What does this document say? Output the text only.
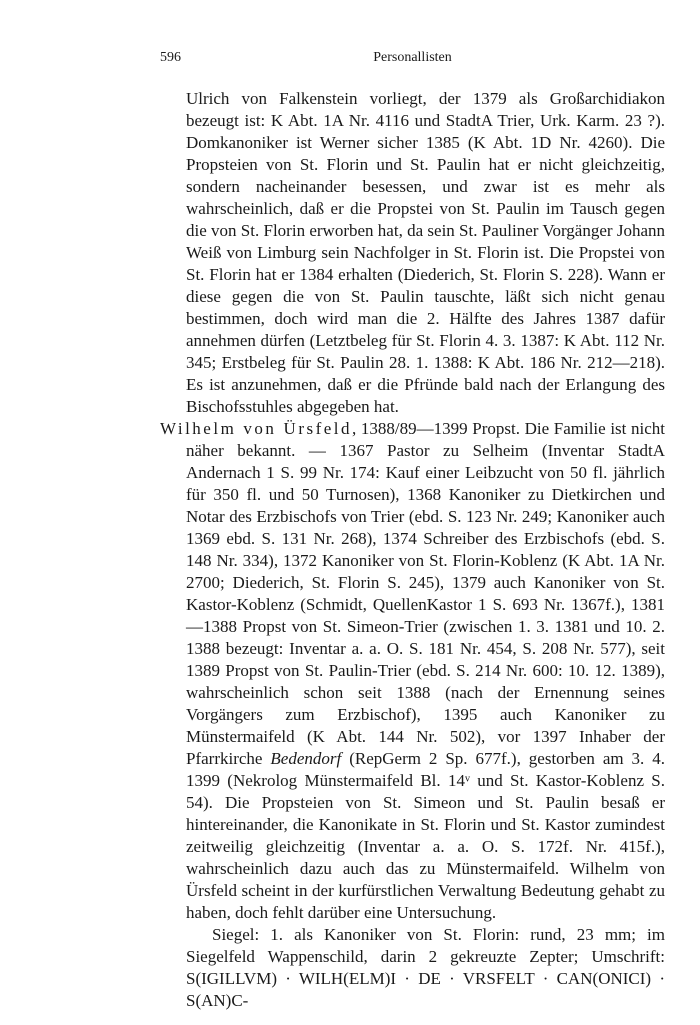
596	Personallisten

Ulrich von Falkenstein vorliegt, der 1379 als Großarchidiakon bezeugt ist: K Abt. 1A Nr. 4116 und StadtA Trier, Urk. Karm. 23 ?). Domkanoniker ist Werner sicher 1385 (K Abt. 1D Nr. 4260). Die Propsteien von St. Florin und St. Paulin hat er nicht gleichzeitig, sondern nacheinander besessen, und zwar ist es mehr als wahrscheinlich, daß er die Propstei von St. Paulin im Tausch gegen die von St. Florin erworben hat, da sein St. Pauliner Vorgänger Johann Weiß von Limburg sein Nachfolger in St. Florin ist. Die Propstei von St. Florin hat er 1384 erhalten (Diederich, St. Florin S. 228). Wann er diese gegen die von St. Paulin tauschte, läßt sich nicht genau bestimmen, doch wird man die 2. Hälfte des Jahres 1387 dafür annehmen dürfen (Letztbeleg für St. Florin 4. 3. 1387: K Abt. 112 Nr. 345; Erstbeleg für St. Paulin 28. 1. 1388: K Abt. 186 Nr. 212—218). Es ist anzunehmen, daß er die Pfründe bald nach der Erlangung des Bischofsstuhles abgegeben hat.

Wilhelm von Ürsfeld, 1388/89—1399 Propst. Die Familie ist nicht näher bekannt. — 1367 Pastor zu Selheim (Inventar StadtA Andernach 1 S. 99 Nr. 174: Kauf einer Leibzucht von 50 fl. jährlich für 350 fl. und 50 Turnosen), 1368 Kanoniker zu Dietkirchen und Notar des Erzbischofs von Trier (ebd. S. 123 Nr. 249; Kanoniker auch 1369 ebd. S. 131 Nr. 268), 1374 Schreiber des Erzbischofs (ebd. S. 148 Nr. 334), 1372 Kanoniker von St. Florin-Koblenz (K Abt. 1A Nr. 2700; Diederich, St. Florin S. 245), 1379 auch Kanoniker von St. Kastor-Koblenz (Schmidt, QuellenKastor 1 S. 693 Nr. 1367f.), 1381—1388 Propst von St. Simeon-Trier (zwischen 1. 3. 1381 und 10. 2. 1388 bezeugt: Inventar a. a. O. S. 181 Nr. 454, S. 208 Nr. 577), seit 1389 Propst von St. Paulin-Trier (ebd. S. 214 Nr. 600: 10. 12. 1389), wahrscheinlich schon seit 1388 (nach der Ernennung seines Vorgängers zum Erzbischof), 1395 auch Kanoniker zu Münstermaifeld (K Abt. 144 Nr. 502), vor 1397 Inhaber der Pfarrkirche Bedendorf (RepGerm 2 Sp. 677f.), gestorben am 3. 4. 1399 (Nekrolog Münstermaifeld Bl. 14ᵛ und St. Kastor-Koblenz S. 54). Die Propsteien von St. Simeon und St. Paulin besaß er hintereinander, die Kanonikate in St. Florin und St. Kastor zumindest zeitweilig gleichzeitig (Inventar a. a. O. S. 172f. Nr. 415f.), wahrscheinlich dazu auch das zu Münstermaifeld. Wilhelm von Ürsfeld scheint in der kurfürstlichen Verwaltung Bedeutung gehabt zu haben, doch fehlt darüber eine Untersuchung.

Siegel: 1. als Kanoniker von St. Florin: rund, 23 mm; im Siegelfeld Wappenschild, darin 2 gekreuzte Zepter; Umschrift: S(IGILLVM) · WILH(ELM)I · DE · VRSFELT · CAN(ONICI) · S(AN)C-
